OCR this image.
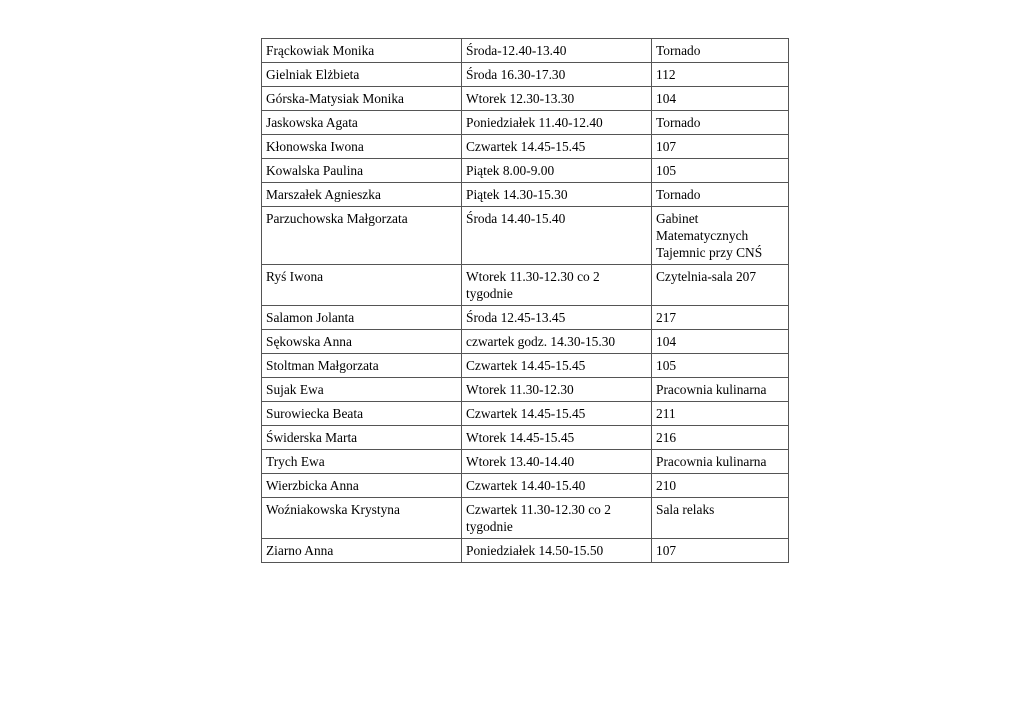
Frąckowiak Monika	Środa-12.40-13.40	Tornado
Gielniak Elżbieta	Środa 16.30-17.30	112
Górska-Matysiak Monika	Wtorek 12.30-13.30	104
Jaskowska Agata	Poniedziałek 11.40-12.40	Tornado
Kłonowska Iwona	Czwartek 14.45-15.45	107
Kowalska Paulina	Piątek 8.00-9.00	105
Marszałek Agnieszka	Piątek 14.30-15.30	Tornado
Parzuchowska Małgorzata	Środa 14.40-15.40	Gabinet Matematycznych Tajemnic przy CNŚ
Ryś Iwona	Wtorek 11.30-12.30 co 2 tygodnie	Czytelnia-sala 207
Salamon Jolanta	Środa 12.45-13.45	217
Sękowska Anna	czwartek godz. 14.30-15.30	104
Stoltman Małgorzata	Czwartek 14.45-15.45	105
Sujak Ewa	Wtorek 11.30-12.30	Pracownia kulinarna
Surowiecka Beata	Czwartek 14.45-15.45	211
Świderska Marta	Wtorek 14.45-15.45	216
Trych Ewa	Wtorek 13.40-14.40	Pracownia kulinarna
Wierzbicka Anna	Czwartek 14.40-15.40	210
Woźniakowska Krystyna	Czwartek 11.30-12.30 co 2 tygodnie	Sala relaks
Ziarno Anna	Poniedziałek 14.50-15.50	107
